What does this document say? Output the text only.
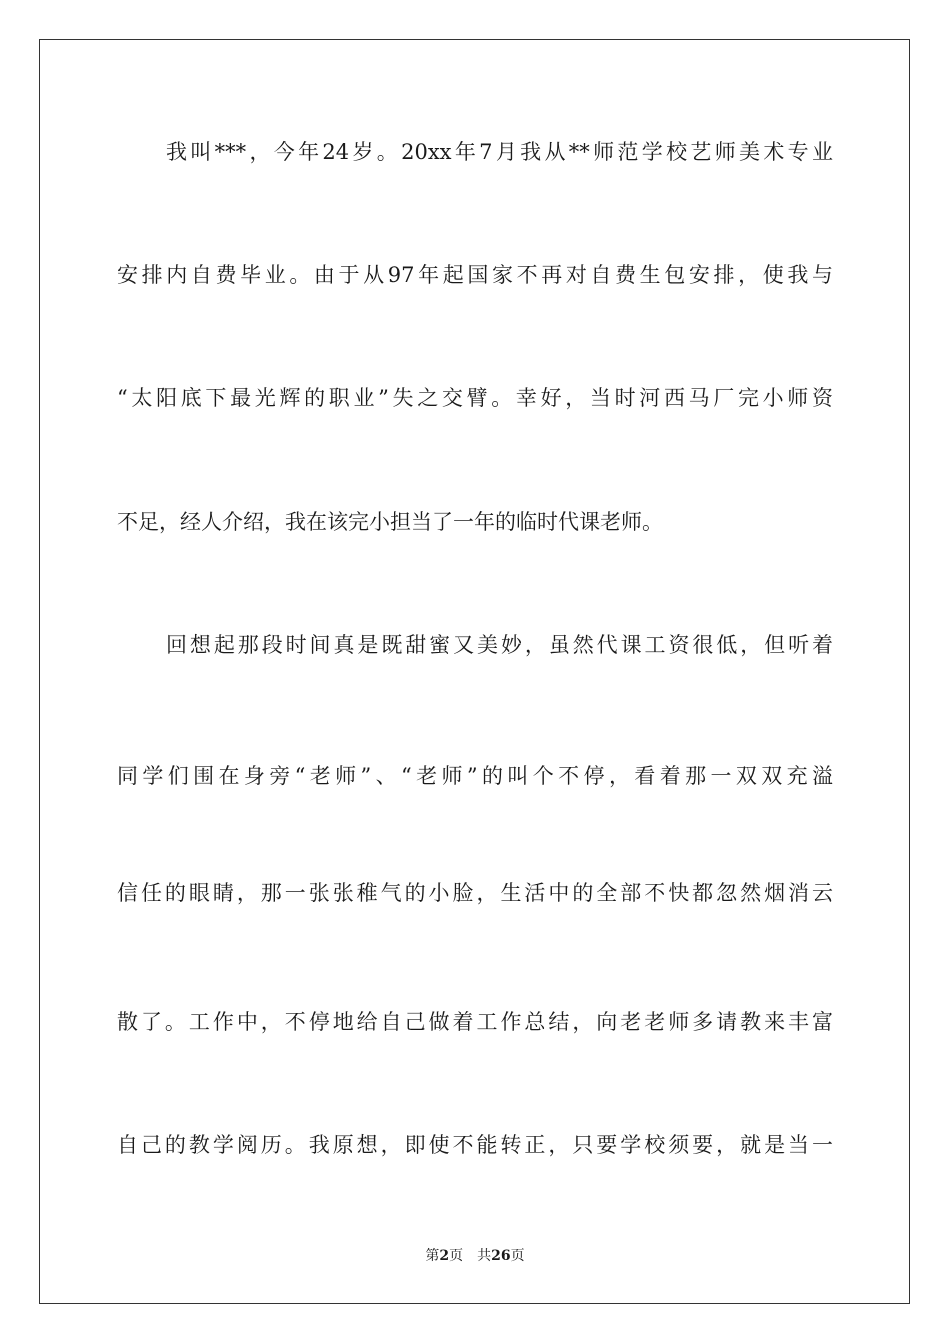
我叫***，今年24岁。20xx年7月我从**师范学校艺师美术专业
安排内自费毕业。由于从97年起国家不再对自费生包安排，使我与
“太阳底下最光辉的职业”失之交臂。幸好，当时河西马厂完小师资
不足，经人介绍，我在该完小担当了一年的临时代课老师。
回想起那段时间真是既甜蜜又美妙，虽然代课工资很低，但听着
同学们围在身旁“老师”、“老师”的叫个不停，看着那一双双充溢
信任的眼睛，那一张张稚气的小脸，生活中的全部不快都忽然烟消云
散了。工作中，不停地给自己做着工作总结，向老老师多请教来丰富
自己的教学阅历。我原想，即使不能转正，只要学校须要，就是当一
第2页 共26页
